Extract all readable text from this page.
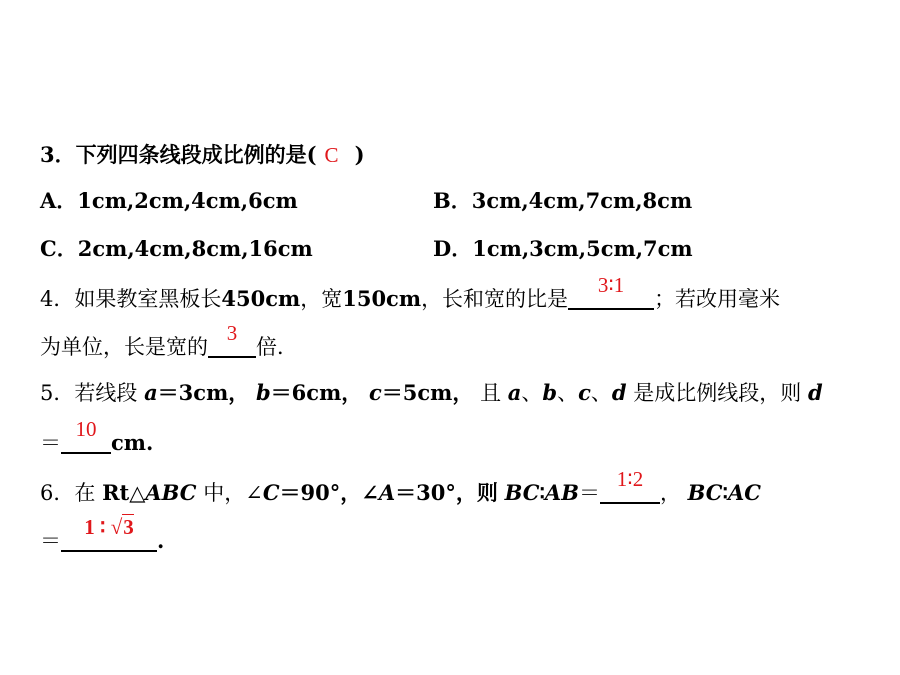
3．下列四条线段成比例的是( C )
A．1cm,2cm,4cm,6cm	B．3cm,4cm,7cm,8cm
C．2cm,4cm,8cm,16cm	D．1cm,3cm,5cm,7cm
4．如果教室黑板长450cm，宽150cm，长和宽的比是
3∶1
；若改用毫米
为单位，长是宽的
3
倍．
5．若线段 a＝3cm， b＝6cm， c＝5cm， 且 a、b、c、d 是成比例线段，则 d
＝
10
cm.
6．在 Rt△ABC 中，∠C＝90°，∠A＝30°，则 BC∶AB＝
1∶2
， BC∶AC
＝
1 ∶ √3
.
